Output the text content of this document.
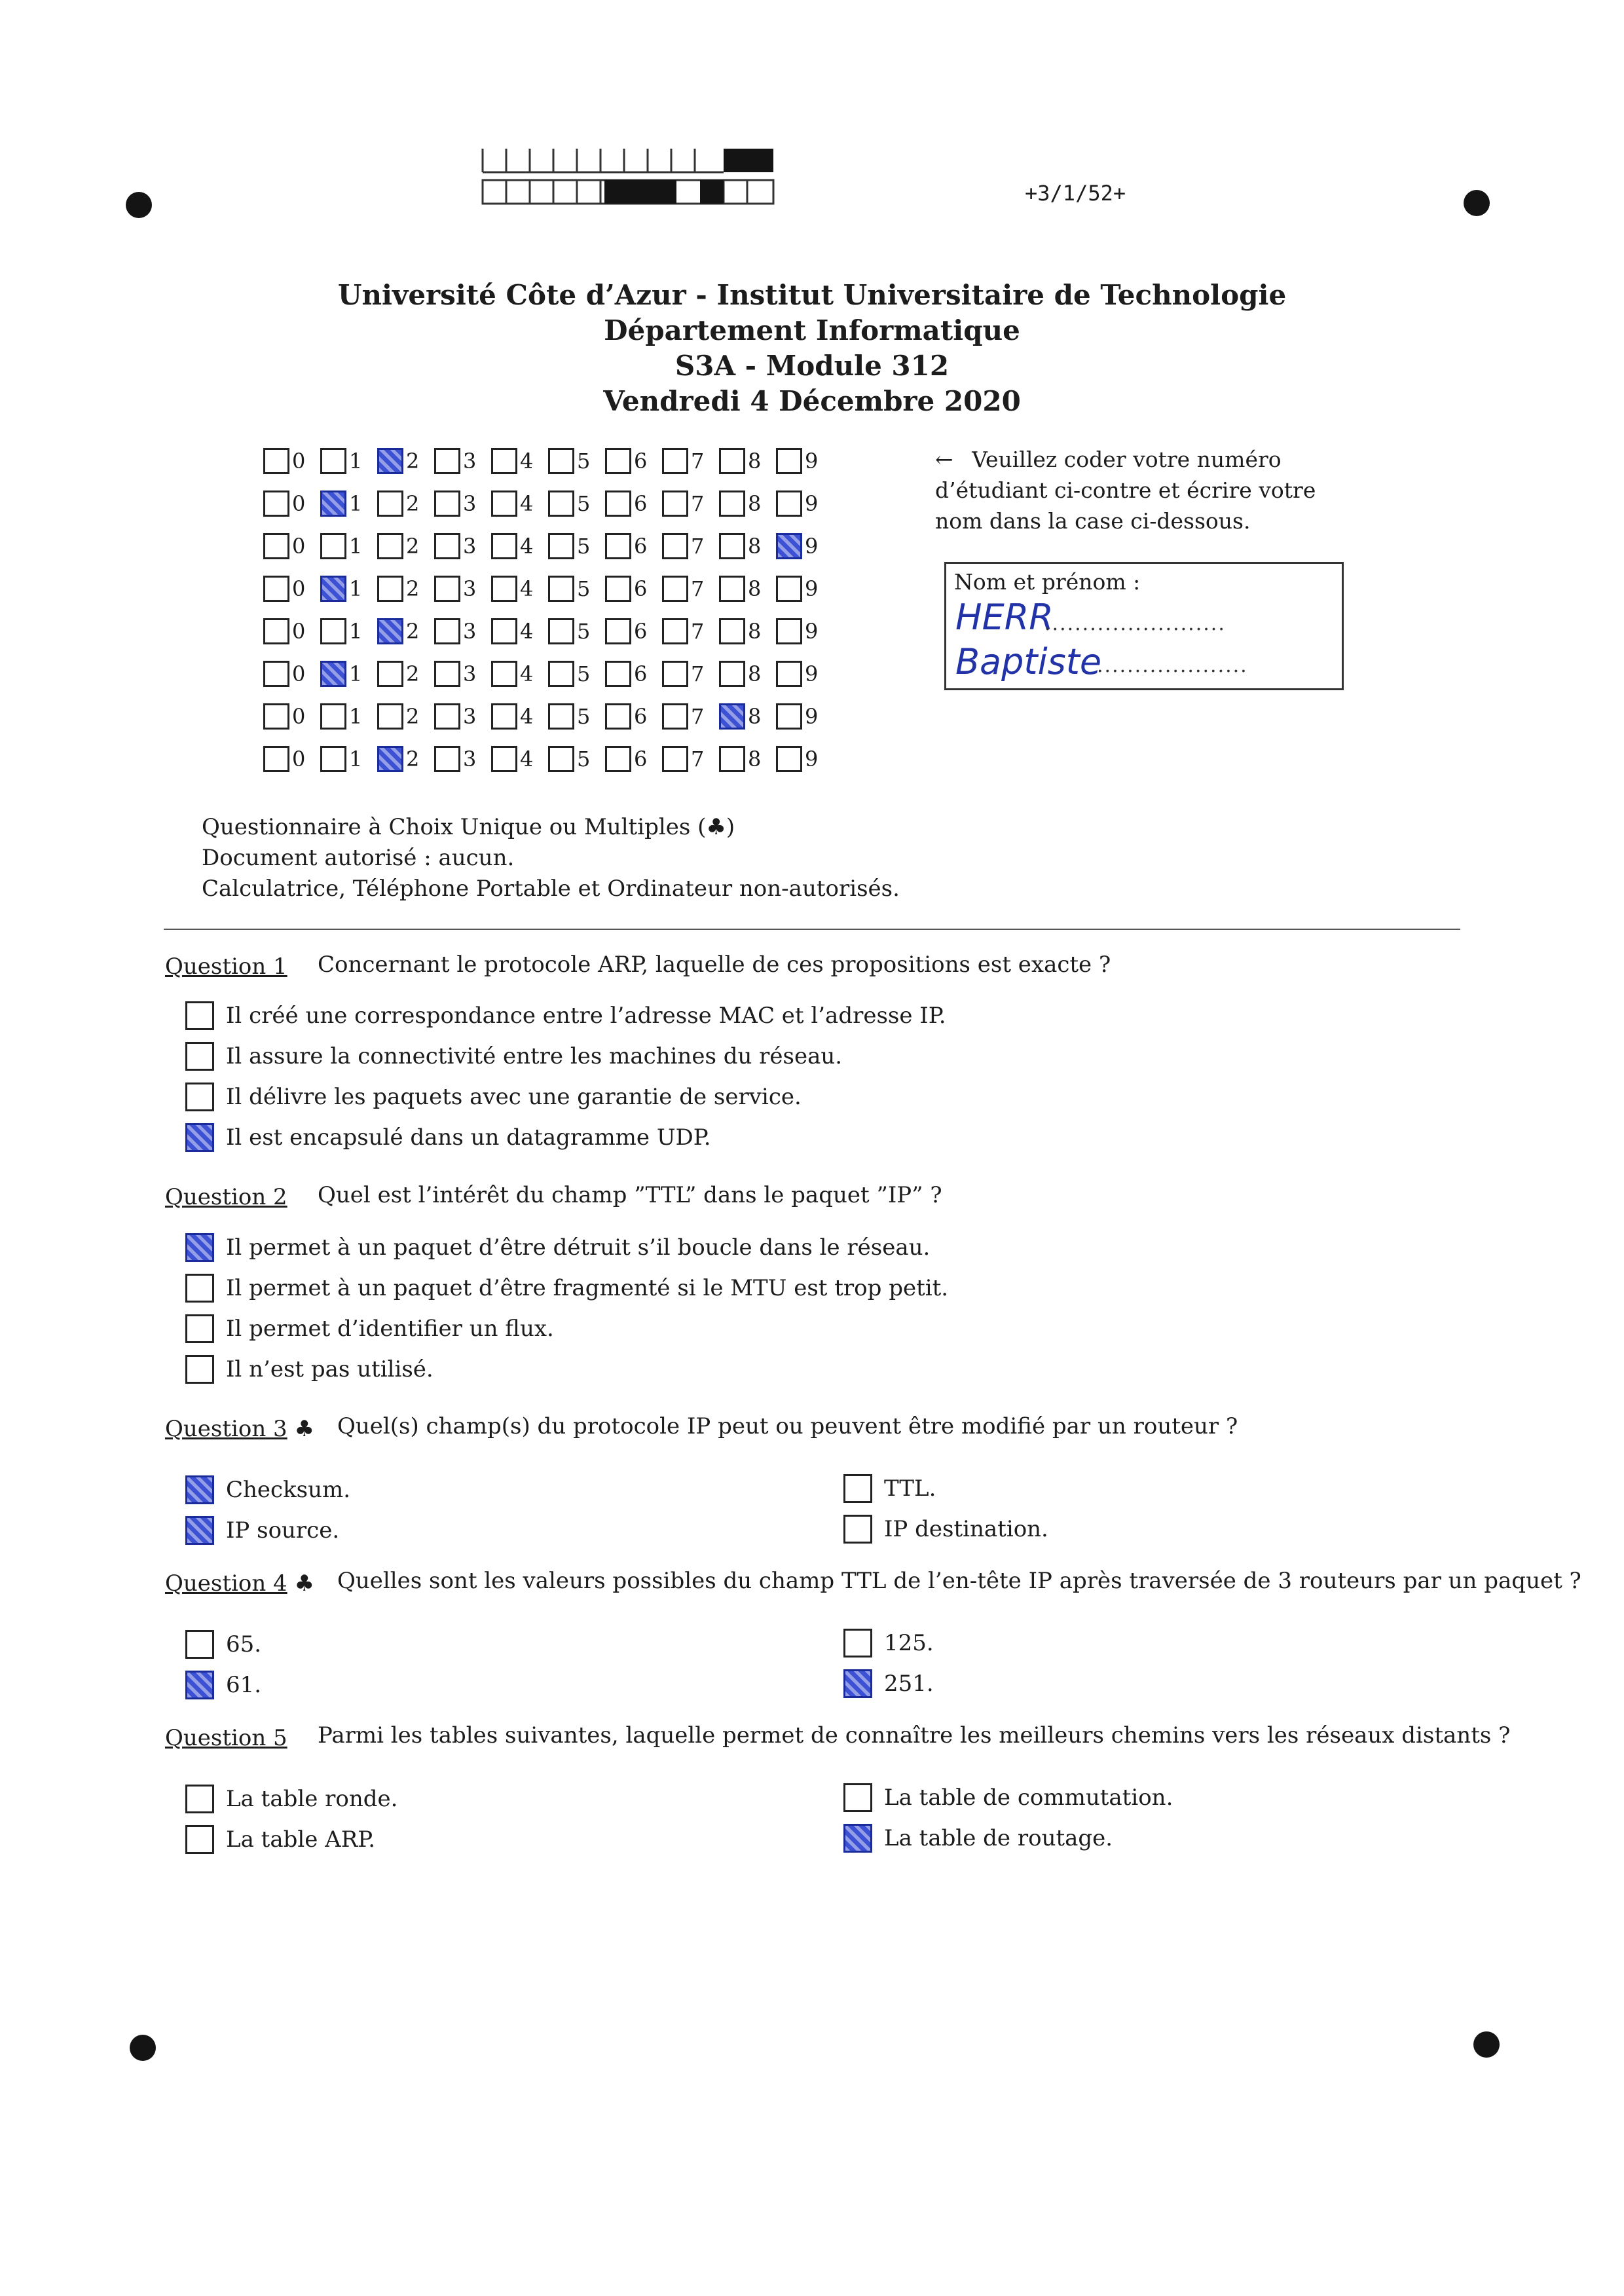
+3/1/52+
Université Côte d’Azur - Institut Universitaire de Technologie
Département Informatique
S3A - Module 312
Vendredi 4 Décembre 2020
0 1 2 3 4 5 6 7 8 9
0 1 2 3 4 5 6 7 8 9
0 1 2 3 4 5 6 7 8 9
0 1 2 3 4 5 6 7 8 9
0 1 2 3 4 5 6 7 8 9
0 1 2 3 4 5 6 7 8 9
0 1 2 3 4 5 6 7 8 9
0 1 2 3 4 5 6 7 8 9
← Veuillez coder votre numéro d’étudiant ci-contre et écrire votre nom dans la case ci-dessous.
Nom et prénom :
HERR
........................
Baptiste
....................
Questionnaire à Choix Unique ou Multiples (♣)
Document autorisé : aucun.
Calculatrice, Téléphone Portable et Ordinateur non-autorisés.
Question 1 Concernant le protocole ARP, laquelle de ces propositions est exacte ?
Il créé une correspondance entre l’adresse MAC et l’adresse IP.
Il assure la connectivité entre les machines du réseau.
Il délivre les paquets avec une garantie de service.
Il est encapsulé dans un datagramme UDP.
Question 2 Quel est l’intérêt du champ ”TTL” dans le paquet ”IP” ?
Il permet à un paquet d’être détruit s’il boucle dans le réseau.
Il permet à un paquet d’être fragmenté si le MTU est trop petit.
Il permet d’identifier un flux.
Il n’est pas utilisé.
Question 3 ♣ Quel(s) champ(s) du protocole IP peut ou peuvent être modifié par un routeur ?
Checksum.
IP source.
TTL.
IP destination.
Question 4 ♣ Quelles sont les valeurs possibles du champ TTL de l’en-tête IP après traversée de 3 routeurs par un paquet ?
65.
61.
125.
251.
Question 5 Parmi les tables suivantes, laquelle permet de connaître les meilleurs chemins vers les réseaux distants ?
La table ronde.
La table ARP.
La table de commutation.
La table de routage.
